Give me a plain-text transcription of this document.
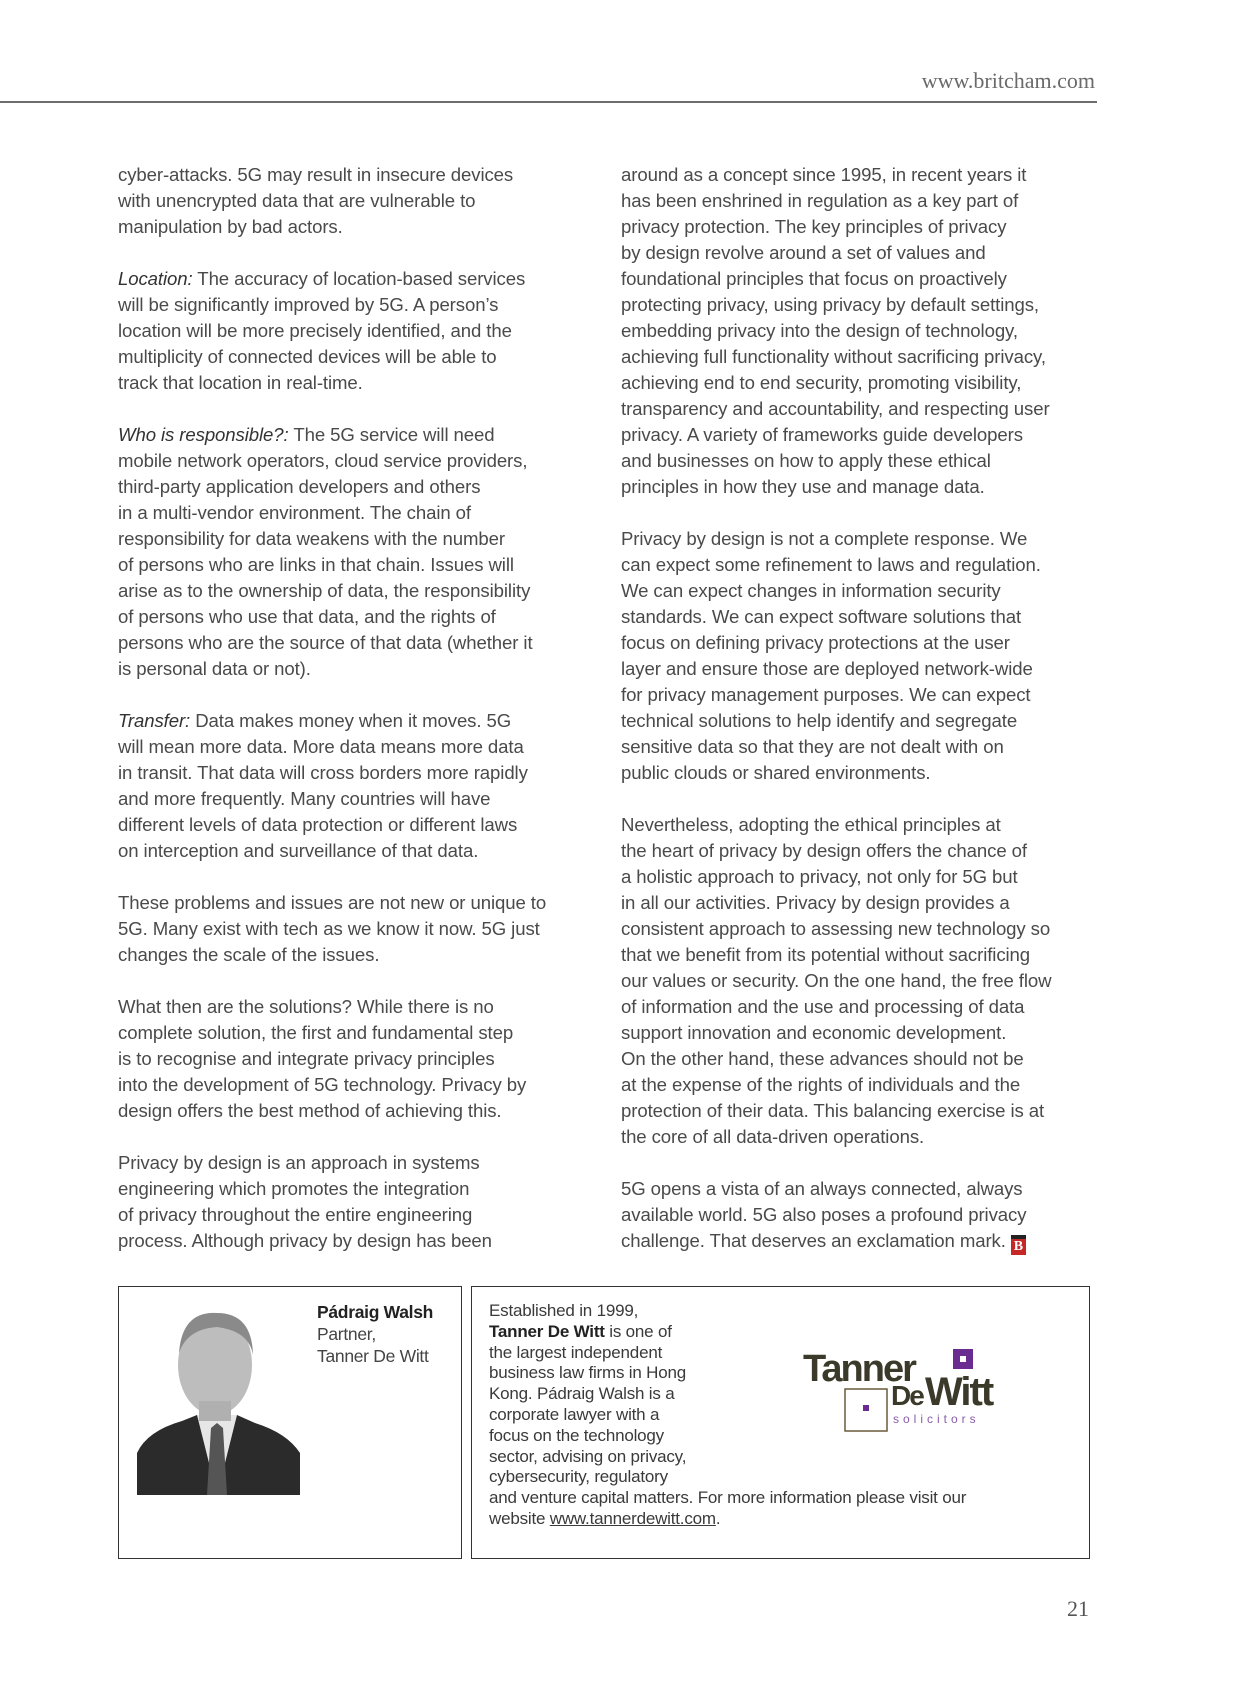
www.britcham.com
cyber-attacks. 5G may result in insecure devices
with unencrypted data that are vulnerable to
manipulation by bad actors.
Location: The accuracy of location-based services
will be significantly improved by 5G. A person’s
location will be more precisely identified, and the
multiplicity of connected devices will be able to
track that location in real-time.
Who is responsible?: The 5G service will need
mobile network operators, cloud service providers,
third-party application developers and others
in a multi-vendor environment. The chain of
responsibility for data weakens with the number
of persons who are links in that chain. Issues will
arise as to the ownership of data, the responsibility
of persons who use that data, and the rights of
persons who are the source of that data (whether it
is personal data or not).
Transfer: Data makes money when it moves. 5G
will mean more data. More data means more data
in transit. That data will cross borders more rapidly
and more frequently. Many countries will have
different levels of data protection or different laws
on interception and surveillance of that data.
These problems and issues are not new or unique to
5G. Many exist with tech as we know it now. 5G just
changes the scale of the issues.
What then are the solutions? While there is no
complete solution, the first and fundamental step
is to recognise and integrate privacy principles
into the development of 5G technology. Privacy by
design offers the best method of achieving this.
Privacy by design is an approach in systems
engineering which promotes the integration
of privacy throughout the entire engineering
process. Although privacy by design has been
around as a concept since 1995, in recent years it
has been enshrined in regulation as a key part of
privacy protection. The key principles of privacy
by design revolve around a set of values and
foundational principles that focus on proactively
protecting privacy, using privacy by default settings,
embedding privacy into the design of technology,
achieving full functionality without sacrificing privacy,
achieving end to end security, promoting visibility,
transparency and accountability, and respecting user
privacy. A variety of frameworks guide developers
and businesses on how to apply these ethical
principles in how they use and manage data.
Privacy by design is not a complete response. We
can expect some refinement to laws and regulation.
We can expect changes in information security
standards. We can expect software solutions that
focus on defining privacy protections at the user
layer and ensure those are deployed network-wide
for privacy management purposes. We can expect
technical solutions to help identify and segregate
sensitive data so that they are not dealt with on
public clouds or shared environments.
Nevertheless, adopting the ethical principles at
the heart of privacy by design offers the chance of
a holistic approach to privacy, not only for 5G but
in all our activities. Privacy by design provides a
consistent approach to assessing new technology so
that we benefit from its potential without sacrificing
our values or security. On the one hand, the free flow
of information and the use and processing of data
support innovation and economic development.
On the other hand, these advances should not be
at the expense of the rights of individuals and the
protection of their data. This balancing exercise is at
the core of all data-driven operations.
5G opens a vista of an always connected, always
available world. 5G also poses a profound privacy
challenge. That deserves an exclamation mark. B
Pádraig Walsh
Partner,
Tanner De Witt
Established in 1999,
Tanner De Witt is one of
the largest independent
business law firms in Hong
Kong. Pádraig Walsh is a
corporate lawyer with a
focus on the technology
sector, advising on privacy,
cybersecurity, regulatory
and venture capital matters. For more information please visit our
website www.tannerdewitt.com.
Tanner
De Witt
solicitors
21
